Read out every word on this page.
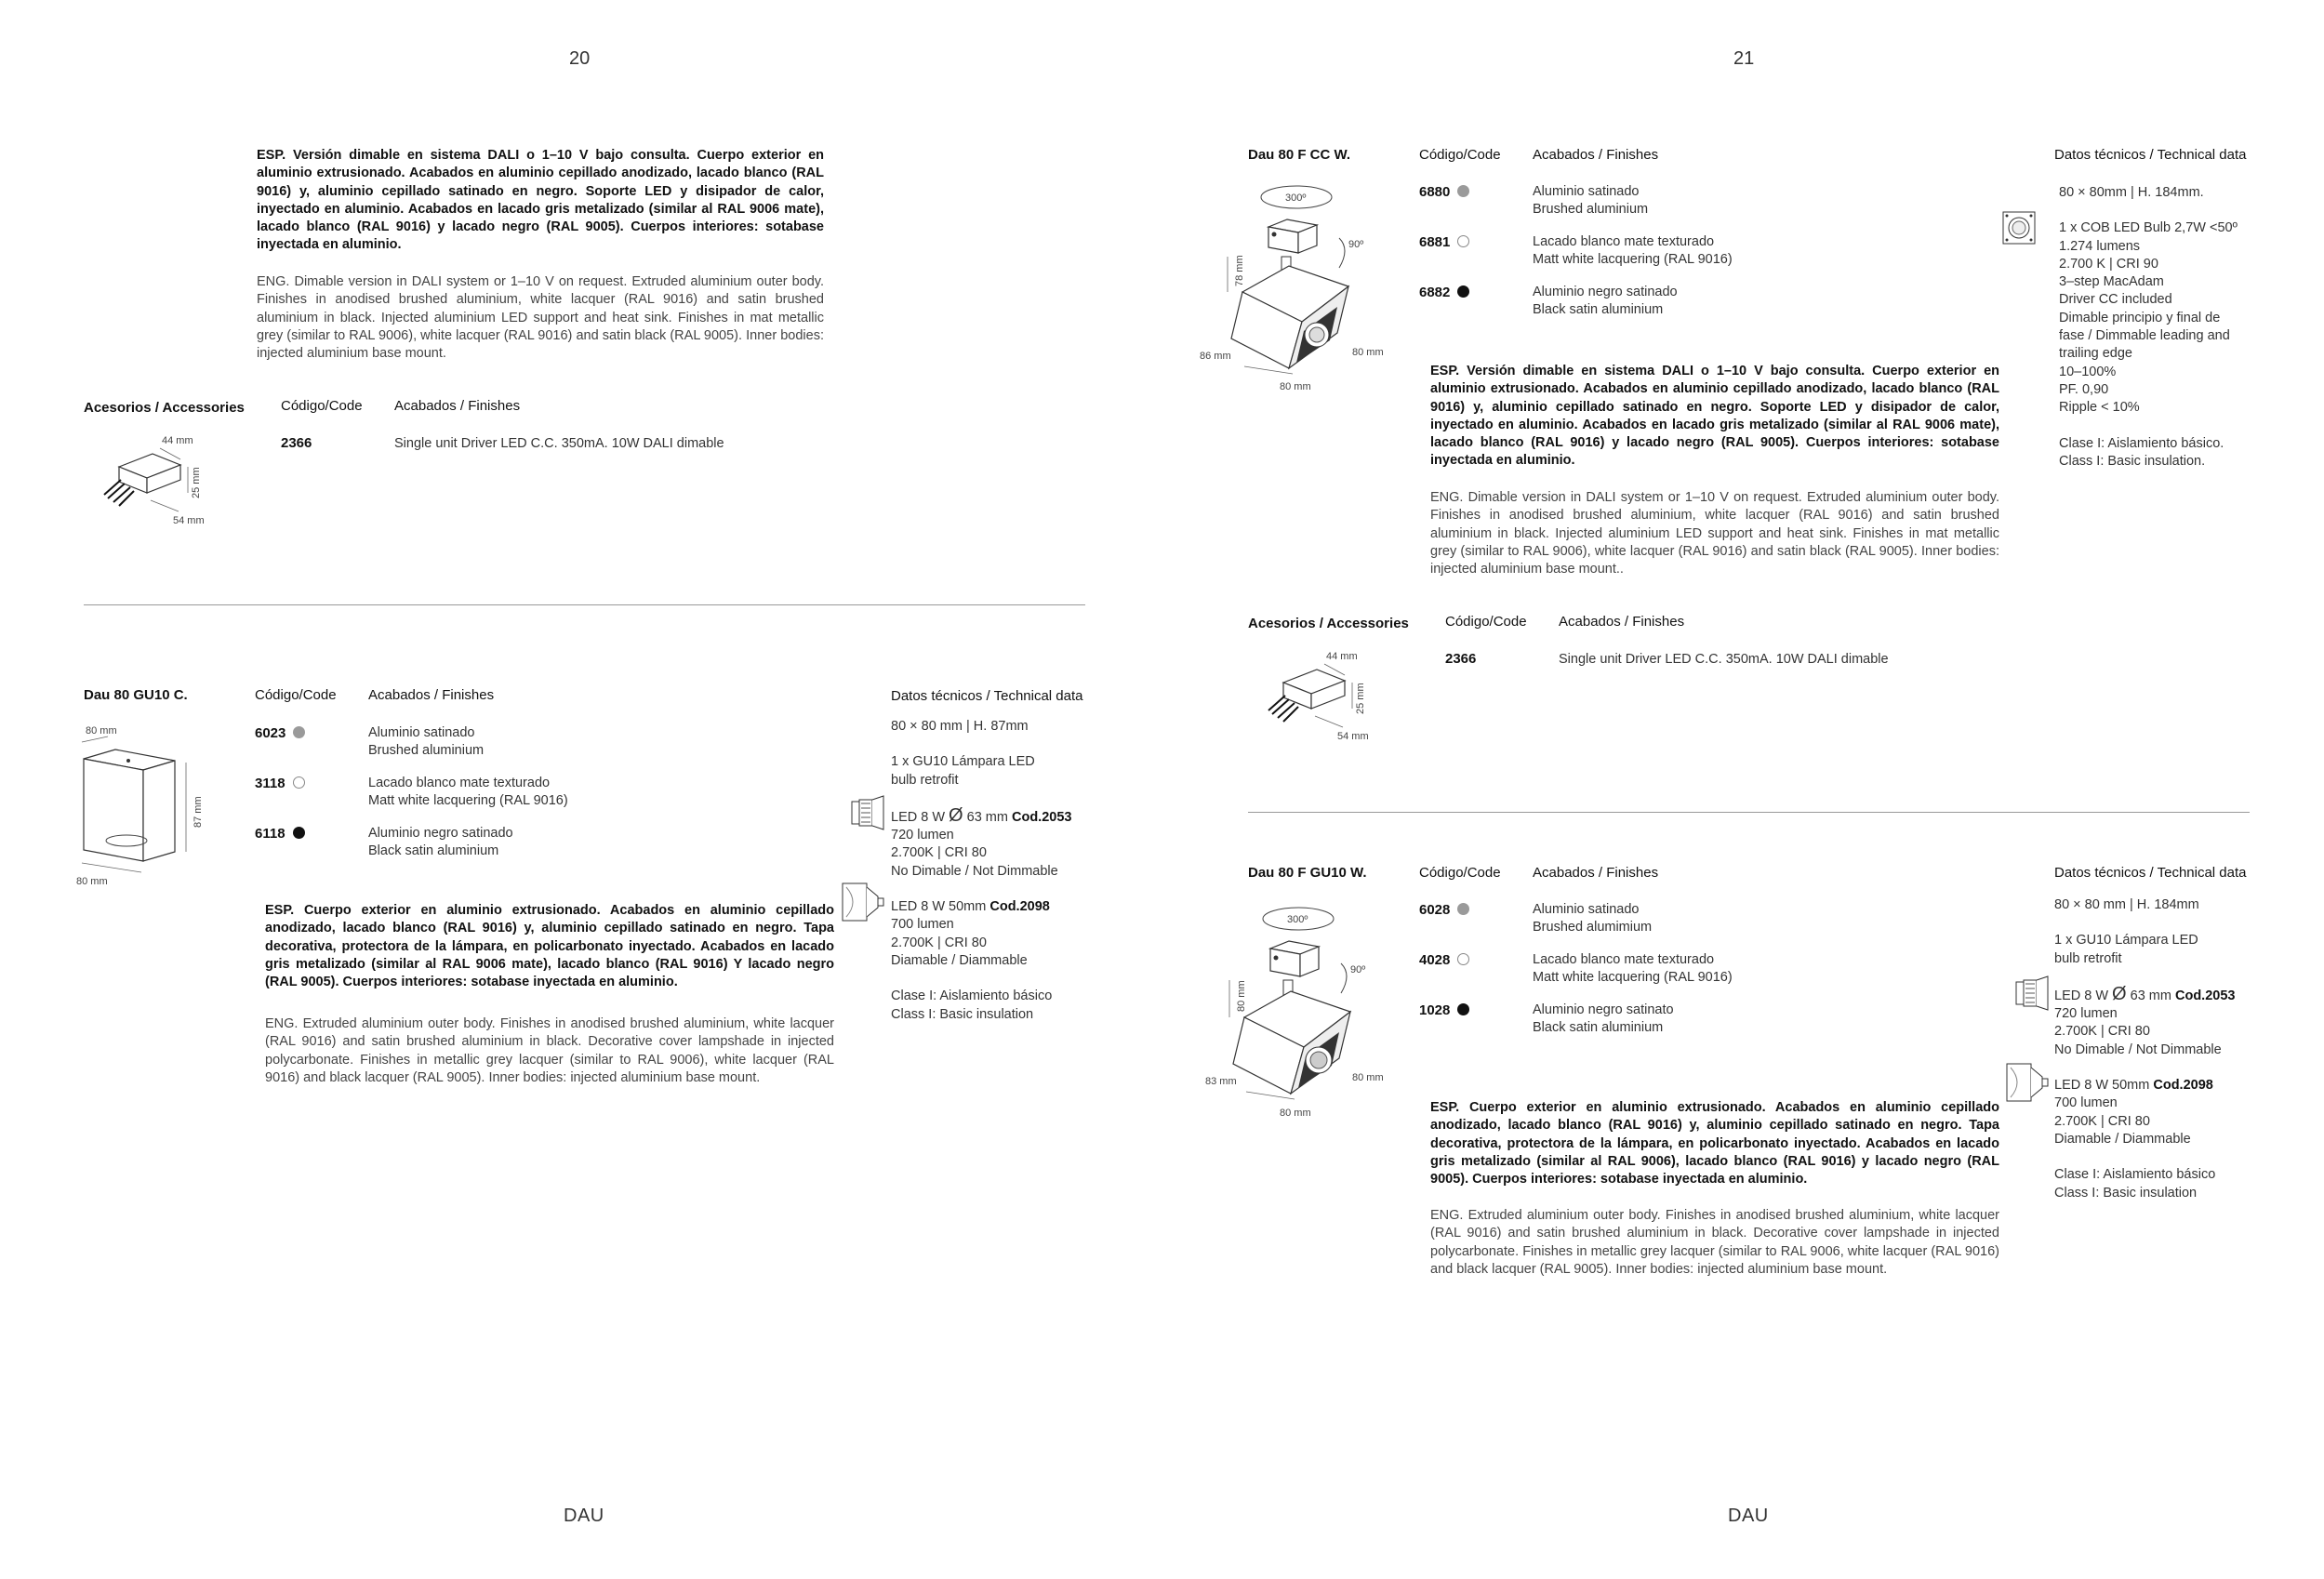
20	21
DAU	DAU
ESP. Versión dimable en sistema DALI o 1–10 V bajo consulta. Cuerpo exterior en aluminio extrusionado. Acabados en aluminio cepillado anodizado, lacado blanco (RAL 9016) y, aluminio cepillado satinado en negro. Soporte LED y disipador de calor, inyectado en aluminio. Acabados en lacado gris metalizado (similar al RAL 9006 mate), lacado blanco (RAL 9016) y lacado negro (RAL 9005). Cuerpos interiores: sotabase inyectada en aluminio.
ENG. Dimable version in DALI system or 1–10 V on request. Extruded aluminium outer body. Finishes in anodised brushed aluminium, white lacquer (RAL 9016) and satin brushed aluminium in black. Injected aluminium LED support and heat sink. Finishes in mat metallic grey (similar to RAL 9006), white lacquer (RAL 9016) and satin black (RAL 9005). Inner bodies: injected aluminium base mount.
Acesorios / Accessories	Código/Code Acabados / Finishes
2366	Single unit Driver LED C.C. 350mA. 10W DALI dimable
44 mm
25 mm
54 mm
Dau 80 GU10 C.	Código/Code Acabados / Finishes	Datos técnicos / Technical data
80 mm
87 mm
80 mm
6023	Aluminio satinado
Brushed aluminium
3118	Lacado blanco mate texturado
Matt white lacquering (RAL 9016)
6118	Aluminio negro satinado
Black satin aluminium
ESP. Cuerpo exterior en aluminio extrusionado. Acabados en aluminio cepillado anodizado, lacado blanco (RAL 9016) y, aluminio cepillado satinado en negro. Tapa decorativa, protectora de la lámpara, en policarbonato inyectado. Acabados en lacado gris metalizado (similar al RAL 9006 mate), lacado blanco (RAL 9016) Y lacado negro (RAL 9005). Cuerpos interiores: sotabase inyectada en aluminio.
ENG. Extruded aluminium outer body. Finishes in anodised brushed aluminium, white lacquer (RAL 9016) and satin brushed aluminium in black. Decorative cover lampshade in injected polycarbonate. Finishes in metallic grey lacquer (similar to RAL 9006), white lacquer (RAL 9016) and black lacquer (RAL 9005). Inner bodies: injected aluminium base mount.
80 × 80 mm | H. 87mm
1 x GU10 Lámpara LED
bulb retrofit
LED 8 W Ø 63 mm Cod.2053
720 lumen
2.700K | CRI 80
No Dimable / Not Dimmable
LED 8 W 50mm Cod.2098
700 lumen
2.700K | CRI 80
Diamable / Diammable
Clase I: Aislamiento básico
Class I: Basic insulation
Dau 80 F CC W.	Código/Code Acabados / Finishes	Datos técnicos / Technical data
300º
78 mm
90º
86 mm	80 mm
80 mm
6880	Aluminio satinado
Brushed aluminium
6881	Lacado blanco mate texturado
Matt white lacquering (RAL 9016)
6882	Aluminio negro satinado
Black satin aluminium
ESP. Versión dimable en sistema DALI o 1–10 V bajo consulta. Cuerpo exterior en aluminio extrusionado. Acabados en aluminio cepillado anodizado, lacado blanco (RAL 9016) y, aluminio cepillado satinado en negro. Soporte LED y disipador de calor, inyectado en aluminio. Acabados en lacado gris metalizado (similar al RAL 9006 mate), lacado blanco (RAL 9016) y lacado negro (RAL 9005). Cuerpos interiores: sotabase inyectada en aluminio.
ENG. Dimable version in DALI system or 1–10 V on request. Extruded aluminium outer body. Finishes in anodised brushed aluminium, white lacquer (RAL 9016) and satin brushed aluminium in black. Injected aluminium LED support and heat sink. Finishes in mat metallic grey (similar to RAL 9006), white lacquer (RAL 9016) and satin black (RAL 9005). Inner bodies: injected aluminium base mount..
80 × 80mm | H. 184mm.
1 x COB LED Bulb 2,7W <50º
1.274 lumens
2.700 K | CRI 90
3–step MacAdam
Driver CC included
Dimable principio y final de
fase / Dimmable leading and
trailing edge
10–100%
PF. 0,90
Ripple < 10%
Clase I: Aislamiento básico.
Class I: Basic insulation.
Acesorios / Accessories	Código/Code Acabados / Finishes
2366	Single unit Driver LED C.C. 350mA. 10W DALI dimable
44 mm
25 mm
54 mm
Dau 80 F GU10 W.	Código/Code Acabados / Finishes	Datos técnicos / Technical data
300º
80 mm
90º
83 mm	80 mm
80 mm
6028	Aluminio satinado
Brushed alumimium
4028	Lacado blanco mate texturado
Matt white lacquering (RAL 9016)
1028	Aluminio negro satinato
Black satin aluminium
ESP. Cuerpo exterior en aluminio extrusionado. Acabados en aluminio cepillado anodizado, lacado blanco (RAL 9016) y, aluminio cepillado satinado en negro. Tapa decorativa, protectora de la lámpara, en policarbonato inyectado. Acabados en lacado gris metalizado (similar al RAL 9006), lacado blanco (RAL 9016) y lacado negro (RAL 9005). Cuerpos interiores: sotabase inyectada en aluminio.
ENG. Extruded aluminium outer body. Finishes in anodised brushed aluminium, white lacquer (RAL 9016) and satin brushed aluminium in black. Decorative cover lampshade in injected polycarbonate. Finishes in metallic grey lacquer (similar to RAL 9006, white lacquer (RAL 9016) and black lacquer (RAL 9005). Inner bodies: injected aluminium base mount.
80 × 80 mm | H. 184mm
1 x GU10 Lámpara LED
bulb retrofit
LED 8 W Ø 63 mm Cod.2053
720 lumen
2.700K | CRI 80
No Dimable / Not Dimmable
LED 8 W 50mm Cod.2098
700 lumen
2.700K | CRI 80
Diamable / Diammable
Clase I: Aislamiento básico
Class I: Basic insulation
